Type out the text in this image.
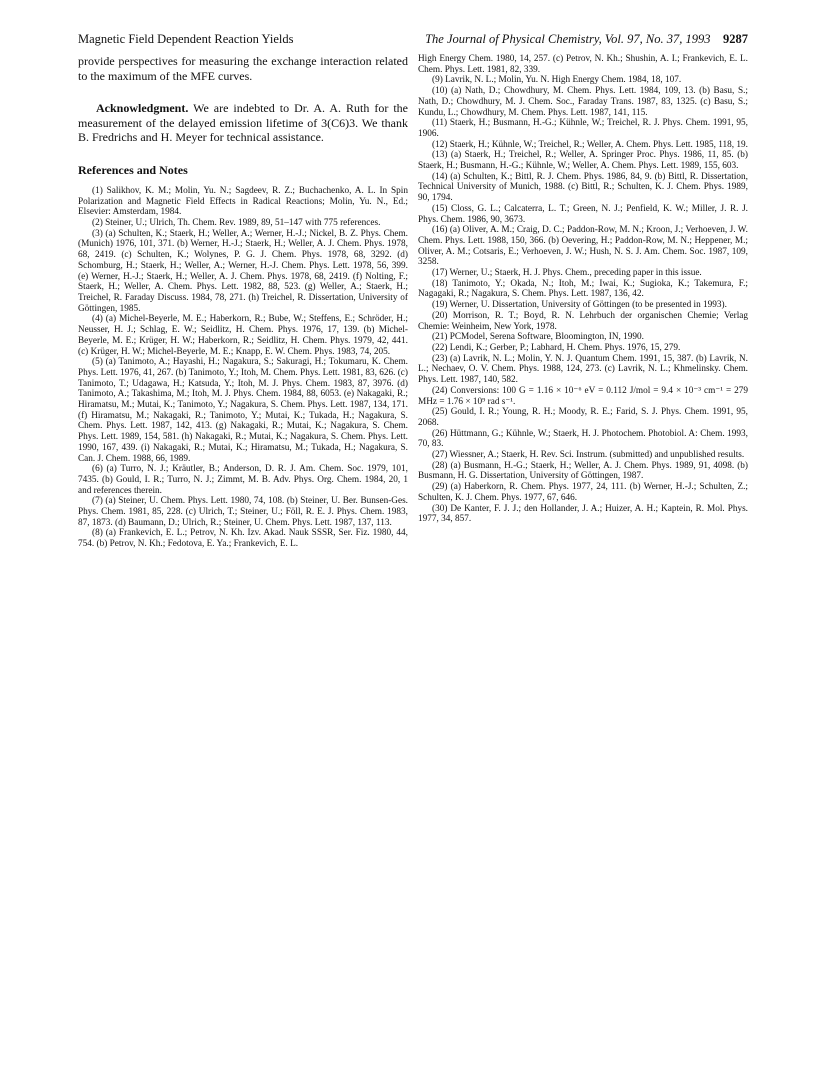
Magnetic Field Dependent Reaction Yields	The Journal of Physical Chemistry, Vol. 97, No. 37, 1993 9287

provide perspectives for measuring the exchange interaction related to the maximum of the MFE curves.

Acknowledgment. We are indebted to Dr. A. A. Ruth for the measurement of the delayed emission lifetime of 3(C6)3. We thank B. Fredrichs and H. Meyer for technical assistance.

References and Notes

(1) Salikhov, K. M.; Molin, Yu. N.; Sagdeev, R. Z.; Buchachenko, A. L. In Spin Polarization and Magnetic Field Effects in Radical Reactions; Molin, Yu. N., Ed.; Elsevier: Amsterdam, 1984.

(2) Steiner, U.; Ulrich, Th. Chem. Rev. 1989, 89, 51–147 with 775 references.

(3) (a) Schulten, K.; Staerk, H.; Weller, A.; Werner, H.-J.; Nickel, B. Z. Phys. Chem. (Munich) 1976, 101, 371. (b) Werner, H.-J.; Staerk, H.; Weller, A. J. Chem. Phys. 1978, 68, 2419. (c) Schulten, K.; Wolynes, P. G. J. Chem. Phys. 1978, 68, 3292. (d) Schomburg, H.; Staerk, H.; Weller, A.; Werner, H.-J. Chem. Phys. Lett. 1978, 56, 399. (e) Werner, H.-J.; Staerk, H.; Weller, A. J. Chem. Phys. 1978, 68, 2419. (f) Nolting, F.; Staerk, H.; Weller, A. Chem. Phys. Lett. 1982, 88, 523. (g) Weller, A.; Staerk, H.; Treichel, R. Faraday Discuss. 1984, 78, 271. (h) Treichel, R. Dissertation, University of Göttingen, 1985.

(4) (a) Michel-Beyerle, M. E.; Haberkorn, R.; Bube, W.; Steffens, E.; Schröder, H.; Neusser, H. J.; Schlag, E. W.; Seidlitz, H. Chem. Phys. 1976, 17, 139. (b) Michel-Beyerle, M. E.; Krüger, H. W.; Haberkorn, R.; Seidlitz, H. Chem. Phys. 1979, 42, 441. (c) Krüger, H. W.; Michel-Beyerle, M. E.; Knapp, E. W. Chem. Phys. 1983, 74, 205.

(5) (a) Tanimoto, A.; Hayashi, H.; Nagakura, S.; Sakuragi, H.; Tokumaru, K. Chem. Phys. Lett. 1976, 41, 267. (b) Tanimoto, Y.; Itoh, M. Chem. Phys. Lett. 1981, 83, 626. (c) Tanimoto, T.; Udagawa, H.; Katsuda, Y.; Itoh, M. J. Phys. Chem. 1983, 87, 3976. (d) Tanimoto, A.; Takashima, M.; Itoh, M. J. Phys. Chem. 1984, 88, 6053. (e) Nakagaki, R.; Hiramatsu, M.; Mutai, K.; Tanimoto, Y.; Nagakura, S. Chem. Phys. Lett. 1987, 134, 171. (f) Hiramatsu, M.; Nakagaki, R.; Tanimoto, Y.; Mutai, K.; Tukada, H.; Nagakura, S. Chem. Phys. Lett. 1987, 142, 413. (g) Nakagaki, R.; Mutai, K.; Nagakura, S. Chem. Phys. Lett. 1989, 154, 581. (h) Nakagaki, R.; Mutai, K.; Nagakura, S. Chem. Phys. Lett. 1990, 167, 439. (i) Nakagaki, R.; Mutai, K.; Hiramatsu, M.; Tukada, H.; Nagakura, S. Can. J. Chem. 1988, 66, 1989.

(6) (a) Turro, N. J.; Kräutler, B.; Anderson, D. R. J. Am. Chem. Soc. 1979, 101, 7435. (b) Gould, I. R.; Turro, N. J.; Zimmt, M. B. Adv. Phys. Org. Chem. 1984, 20, 1 and references therein.

(7) (a) Steiner, U. Chem. Phys. Lett. 1980, 74, 108. (b) Steiner, U. Ber. Bunsen-Ges. Phys. Chem. 1981, 85, 228. (c) Ulrich, T.; Steiner, U.; Föll, R. E. J. Phys. Chem. 1983, 87, 1873. (d) Baumann, D.; Ulrich, R.; Steiner, U. Chem. Phys. Lett. 1987, 137, 113.

(8) (a) Frankevich, E. L.; Petrov, N. Kh. Izv. Akad. Nauk SSSR, Ser. Fiz. 1980, 44, 754. (b) Petrov, N. Kh.; Fedotova, E. Ya.; Frankevich, E. L.

High Energy Chem. 1980, 14, 257. (c) Petrov, N. Kh.; Shushin, A. I.; Frankevich, E. L. Chem. Phys. Lett. 1981, 82, 339.

(9) Lavrik, N. L.; Molin, Yu. N. High Energy Chem. 1984, 18, 107.

(10) (a) Nath, D.; Chowdhury, M. Chem. Phys. Lett. 1984, 109, 13. (b) Basu, S.; Nath, D.; Chowdhury, M. J. Chem. Soc., Faraday Trans. 1987, 83, 1325. (c) Basu, S.; Kundu, L.; Chowdhury, M. Chem. Phys. Lett. 1987, 141, 115.

(11) Staerk, H.; Busmann, H.-G.; Kühnle, W.; Treichel, R. J. Phys. Chem. 1991, 95, 1906.

(12) Staerk, H.; Kühnle, W.; Treichel, R.; Weller, A. Chem. Phys. Lett. 1985, 118, 19.

(13) (a) Staerk, H.; Treichel, R.; Weller, A. Springer Proc. Phys. 1986, 11, 85. (b) Staerk, H.; Busmann, H.-G.; Kühnle, W.; Weller, A. Chem. Phys. Lett. 1989, 155, 603.

(14) (a) Schulten, K.; Bittl, R. J. Chem. Phys. 1986, 84, 9. (b) Bittl, R. Dissertation, Technical University of Munich, 1988. (c) Bittl, R.; Schulten, K. J. Chem. Phys. 1989, 90, 1794.

(15) Closs, G. L.; Calcaterra, L. T.; Green, N. J.; Penfield, K. W.; Miller, J. R. J. Phys. Chem. 1986, 90, 3673.

(16) (a) Oliver, A. M.; Craig, D. C.; Paddon-Row, M. N.; Kroon, J.; Verhoeven, J. W. Chem. Phys. Lett. 1988, 150, 366. (b) Oevering, H.; Paddon-Row, M. N.; Heppener, M.; Oliver, A. M.; Cotsaris, E.; Verhoeven, J. W.; Hush, N. S. J. Am. Chem. Soc. 1987, 109, 3258.

(17) Werner, U.; Staerk, H. J. Phys. Chem., preceding paper in this issue.

(18) Tanimoto, Y.; Okada, N.; Itoh, M.; Iwai, K.; Sugioka, K.; Takemura, F.; Nagagaki, R.; Nagakura, S. Chem. Phys. Lett. 1987, 136, 42.

(19) Werner, U. Dissertation, University of Göttingen (to be presented in 1993).

(20) Morrison, R. T.; Boyd, R. N. Lehrbuch der organischen Chemie; Verlag Chemie: Weinheim, New York, 1978.

(21) PCModel, Serena Software, Bloomington, IN, 1990.

(22) Lendi, K.; Gerber, P.; Labhard, H. Chem. Phys. 1976, 15, 279.

(23) (a) Lavrik, N. L.; Molin, Y. N. J. Quantum Chem. 1991, 15, 387. (b) Lavrik, N. L.; Nechaev, O. V. Chem. Phys. 1988, 124, 273. (c) Lavrik, N. L.; Khmelinsky. Chem. Phys. Lett. 1987, 140, 582.

(24) Conversions: 100 G = 1.16 × 10⁻⁶ eV = 0.112 J/mol = 9.4 × 10⁻³ cm⁻¹ = 279 MHz = 1.76 × 10⁹ rad s⁻¹.

(25) Gould, I. R.; Young, R. H.; Moody, R. E.; Farid, S. J. Phys. Chem. 1991, 95, 2068.

(26) Hüttmann, G.; Kühnle, W.; Staerk, H. J. Photochem. Photobiol. A: Chem. 1993, 70, 83.

(27) Wiessner, A.; Staerk, H. Rev. Sci. Instrum. (submitted) and unpublished results.

(28) (a) Busmann, H.-G.; Staerk, H.; Weller, A. J. Chem. Phys. 1989, 91, 4098. (b) Busmann, H. G. Dissertation, University of Göttingen, 1987.

(29) (a) Haberkorn, R. Chem. Phys. 1977, 24, 111. (b) Werner, H.-J.; Schulten, Z.; Schulten, K. J. Chem. Phys. 1977, 67, 646.

(30) De Kanter, F. J. J.; den Hollander, J. A.; Huizer, A. H.; Kaptein, R. Mol. Phys. 1977, 34, 857.
